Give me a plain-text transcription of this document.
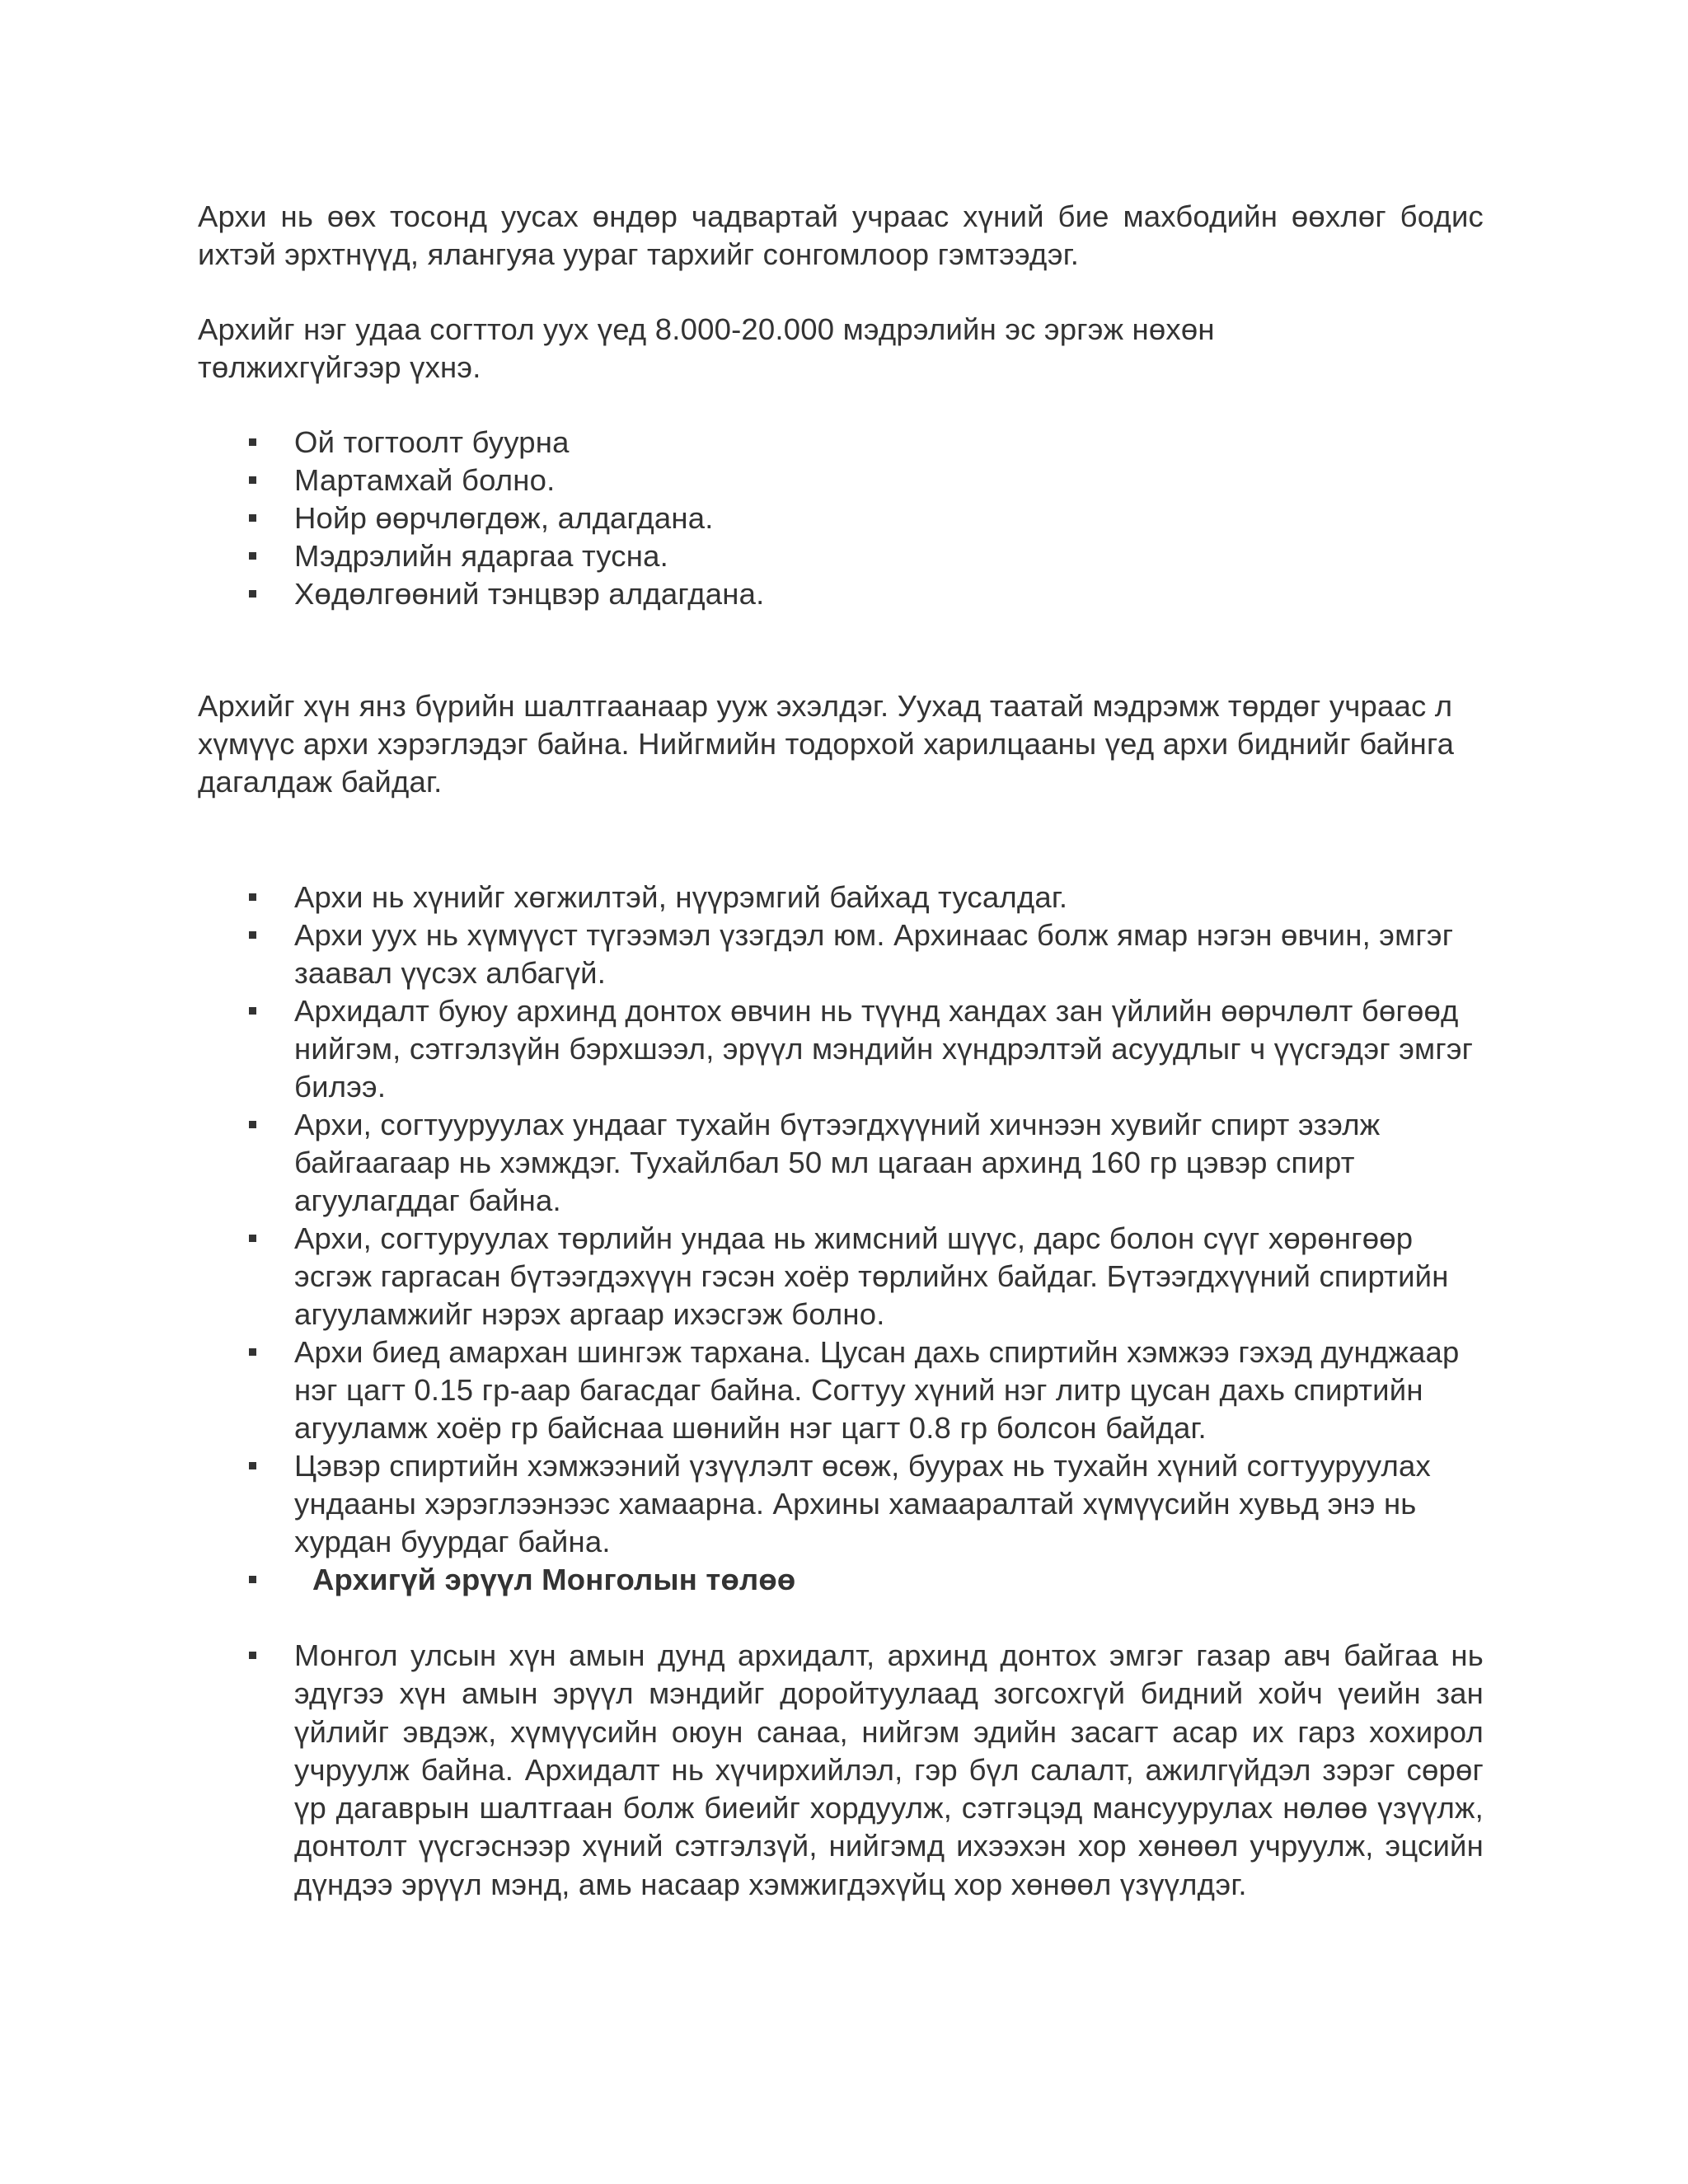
Архи нь өөх тосонд уусах өндөр чадвартай учраас хүний бие махбодийн өөхлөг бодис ихтэй эрхтнүүд, ялангуяа ууpаг тархийг сонгомлоор гэмтээдэг.

Архийг нэг удаа согттол уух үед 8.000-20.000 мэдрэлийн эс эргэж нөхөн төлжихгүйгээр үхнэ.

Ой тогтоолт буурна
Мартамхай болно.
Нойр өөрчлөгдөж, алдагдана.
Мэдрэлийн ядаргаа тусна.
Хөдөлгөөний тэнцвэр алдагдана.

Архийг хүн янз бүрийн шалтгаанаар ууж эхэлдэг. Уухад таатай мэдрэмж төрдөг учраас л хүмүүс архи хэрэглэдэг байна. Нийгмийн тодорхой харилцааны үед архи биднийг байнга дагалдаж байдаг.

Архи нь хүнийг хөгжилтэй, нүүрэмгий байхад тусалдаг.
Архи уух нь хүмүүст түгээмэл үзэгдэл юм. Архинаас болж ямар нэгэн өвчин, эмгэг заавал үүсэх албагүй.
Архидалт буюу архинд донтох өвчин нь түүнд хандах зан үйлийн өөрчлөлт бөгөөд нийгэм, сэтгэлзүйн бэрхшээл, эрүүл мэндийн хүндрэлтэй асуудлыг ч үүсгэдэг эмгэг билээ.
Архи, согтууруулах ундааг тухайн бүтээгдхүүний хичнээн хувийг спирт эзэлж байгаагаар нь хэмждэг. Тухайлбал 50 мл цагаан архинд 160 гр цэвэр спирт агуулагддаг байна.
Архи, согтуруулах төрлийн ундаа нь жимсний шүүс, дарс болон сүүг хөрөнгөөр эсгэж гаргасан бүтээгдэхүүн гэсэн хоёр төрлийнх байдаг. Бүтээгдхүүний спиртийн агууламжийг нэрэх аргаар ихэсгэж болно.
Архи биед амархан шингэж тархана. Цусан дахь спиртийн хэмжээ гэхэд дунджаар нэг цагт 0.15 гр-аар багасдаг байна. Согтуу хүний нэг литр цусан дахь спиртийн агууламж хоёр гр байснаа шөнийн нэг цагт 0.8 гр болсон байдаг.
Цэвэр спиртийн хэмжээний үзүүлэлт өсөж, буурах нь тухайн хүний согтууруулах ундааны хэрэглээнээс хамаарна. Архины хамааралтай хүмүүсийн хувьд энэ нь хурдан буурдаг байна.
Архигүй эрүүл Монголын төлөө
Монгол улсын хүн амын дунд архидалт, архинд донтох эмгэг газар авч байгаа нь эдүгээ хүн амын эрүүл мэндийг доройтуулаад зогсохгүй бидний хойч үеийн зан үйлийг эвдэж, хүмүүсийн оюун санаа, нийгэм эдийн засагт асар их гарз хохирол учруулж байна. Архидалт нь хүчирхийлэл, гэр бүл салалт, ажилгүйдэл зэрэг сөрөг үр дагаврын шалтгаан болж биеийг хордуулж, сэтгэцэд мансуурулах нөлөө үзүүлж, донтолт үүсгэснээр хүний сэтгэлзүй, нийгэмд ихээхэн хор хөнөөл учруулж, эцсийн дүндээ эрүүл мэнд, амь насаар хэмжигдэхүйц хор хөнөөл үзүүлдэг.
